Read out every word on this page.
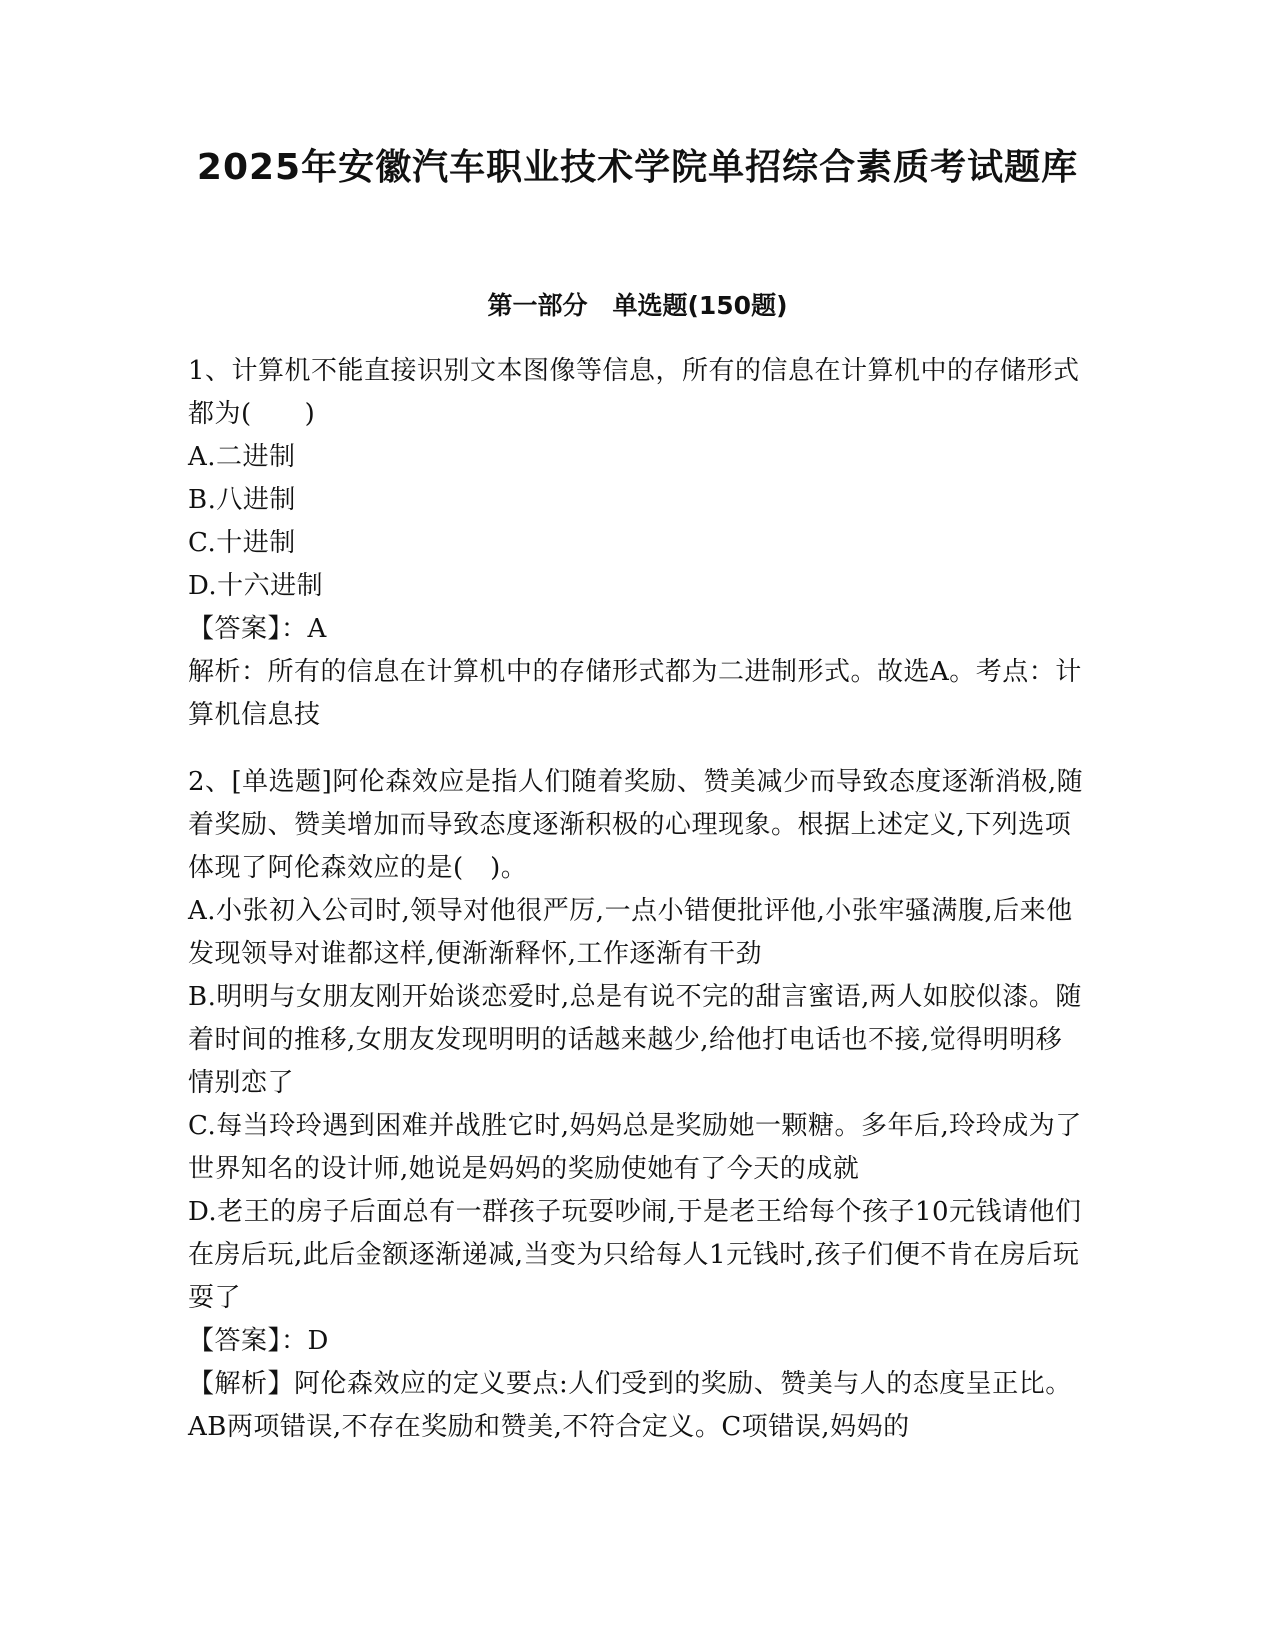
2025年安徽汽车职业技术学院单招综合素质考试题库
第一部分　单选题(150题)
1、计算机不能直接识别文本图像等信息，所有的信息在计算机中的存储形式都为(　　)
A.二进制
B.八进制
C.十进制
D.十六进制
【答案】：A
解析：所有的信息在计算机中的存储形式都为二进制形式。故选A。考点：计算机信息技
2、[单选题]阿伦森效应是指人们随着奖励、赞美减少而导致态度逐渐消极,随着奖励、赞美增加而导致态度逐渐积极的心理现象。根据上述定义,下列选项体现了阿伦森效应的是(　)。
A.小张初入公司时,领导对他很严厉,一点小错便批评他,小张牢骚满腹,后来他发现领导对谁都这样,便渐渐释怀,工作逐渐有干劲
B.明明与女朋友刚开始谈恋爱时,总是有说不完的甜言蜜语,两人如胶似漆。随着时间的推移,女朋友发现明明的话越来越少,给他打电话也不接,觉得明明移情别恋了
C.每当玲玲遇到困难并战胜它时,妈妈总是奖励她一颗糖。多年后,玲玲成为了世界知名的设计师,她说是妈妈的奖励使她有了今天的成就
D.老王的房子后面总有一群孩子玩耍吵闹,于是老王给每个孩子10元钱请他们在房后玩,此后金额逐渐递减,当变为只给每人1元钱时,孩子们便不肯在房后玩耍了
【答案】：D
【解析】阿伦森效应的定义要点:人们受到的奖励、赞美与人的态度呈正比。AB两项错误,不存在奖励和赞美,不符合定义。C项错误,妈妈的
